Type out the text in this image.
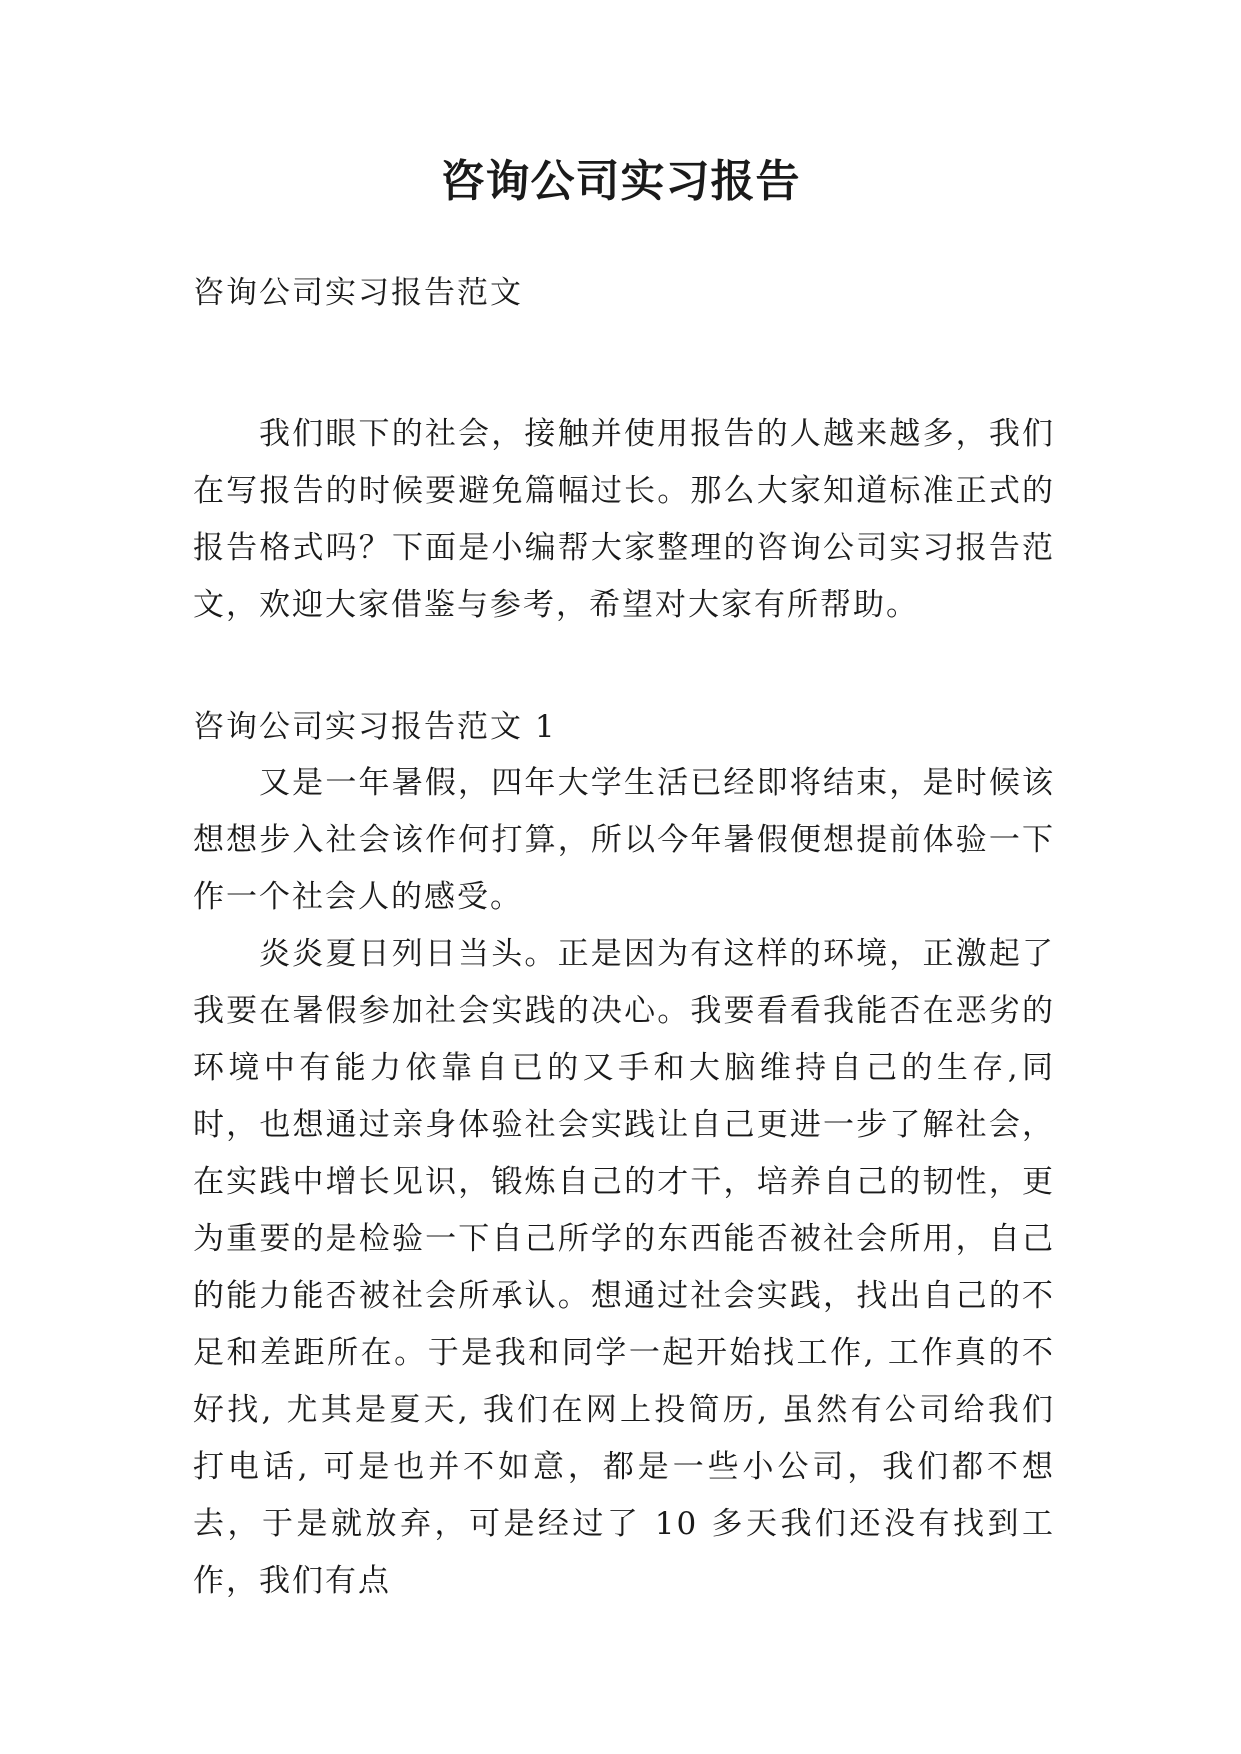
咨询公司实习报告

咨询公司实习报告范文

我们眼下的社会，接触并使用报告的人越来越多，我们在写报告的时候要避免篇幅过长。那么大家知道标准正式的报告格式吗？下面是小编帮大家整理的咨询公司实习报告范文，欢迎大家借鉴与参考，希望对大家有所帮助。

咨询公司实习报告范文 1

又是一年暑假，四年大学生活已经即将结束，是时候该想想步入社会该作何打算，所以今年暑假便想提前体验一下作一个社会人的感受。

炎炎夏日列日当头。正是因为有这样的环境，正激起了我要在暑假参加社会实践的决心。我要看看我能否在恶劣的环境中有能力依靠自已的又手和大脑维持自己的生存,同时，也想通过亲身体验社会实践让自己更进一步了解社会，在实践中增长见识，锻炼自己的才干，培养自己的韧性，更为重要的是检验一下自己所学的东西能否被社会所用，自己的能力能否被社会所承认。想通过社会实践，找出自己的不足和差距所在。于是我和同学一起开始找工作, 工作真的不好找, 尤其是夏天, 我们在网上投简历, 虽然有公司给我们打电话, 可是也并不如意，都是一些小公司，我们都不想去，于是就放弃，可是经过了 10 多天我们还没有找到工作，我们有点
